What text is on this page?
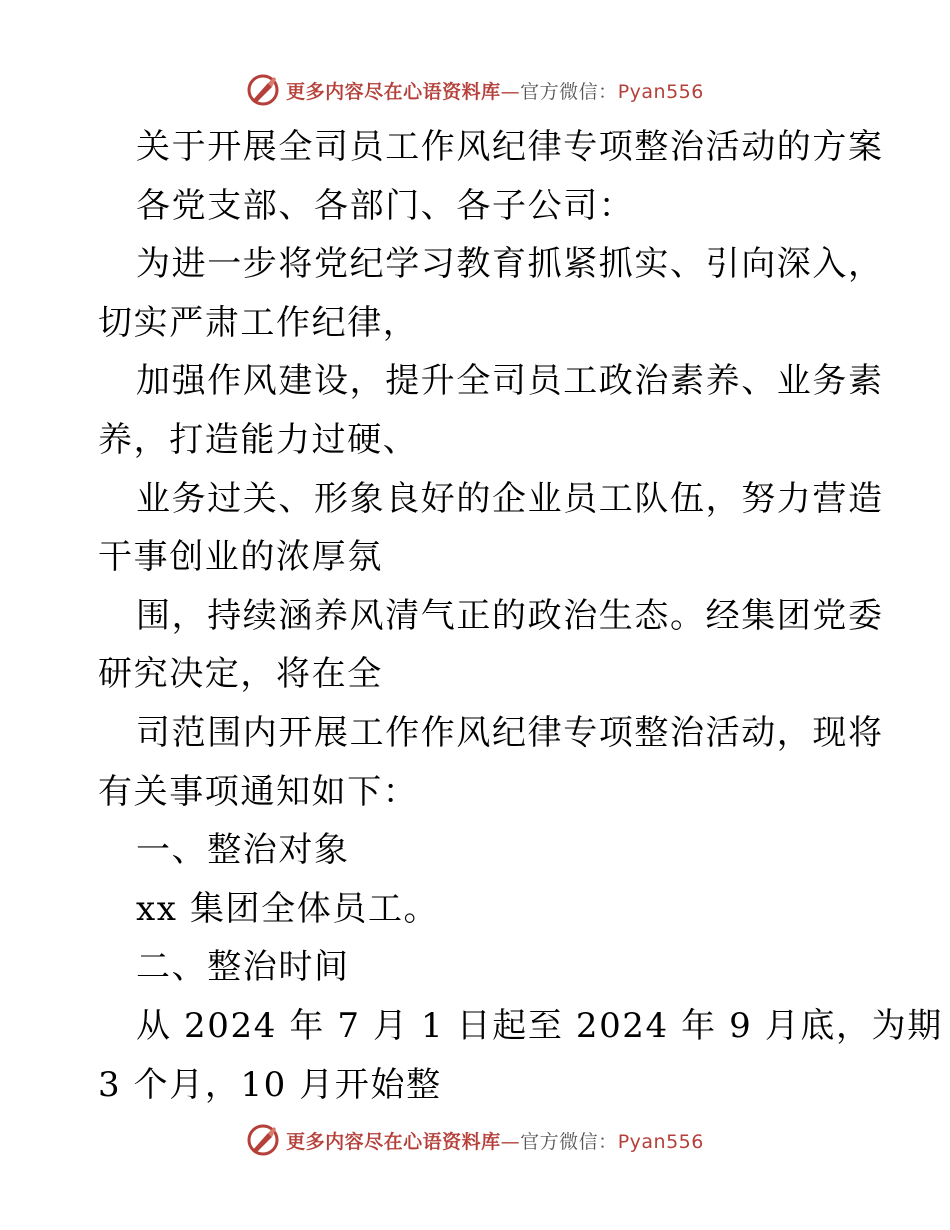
更多内容尽在心语资料库—官方微信：Pyan556
关于开展全司员工作风纪律专项整治活动的方案
各党支部、各部门、各子公司：
为进一步将党纪学习教育抓紧抓实、引向深入，
切实严肃工作纪律，
加强作风建设，提升全司员工政治素养、业务素
养，打造能力过硬、
业务过关、形象良好的企业员工队伍，努力营造
干事创业的浓厚氛
围，持续涵养风清气正的政治生态。经集团党委
研究决定，将在全
司范围内开展工作作风纪律专项整治活动，现将
有关事项通知如下：
一、整治对象
xx 集团全体员工。
二、整治时间
从 2024 年 7 月 1 日起至 2024 年 9 月底，为期
3 个月，10 月开始整
更多内容尽在心语资料库—官方微信：Pyan556
